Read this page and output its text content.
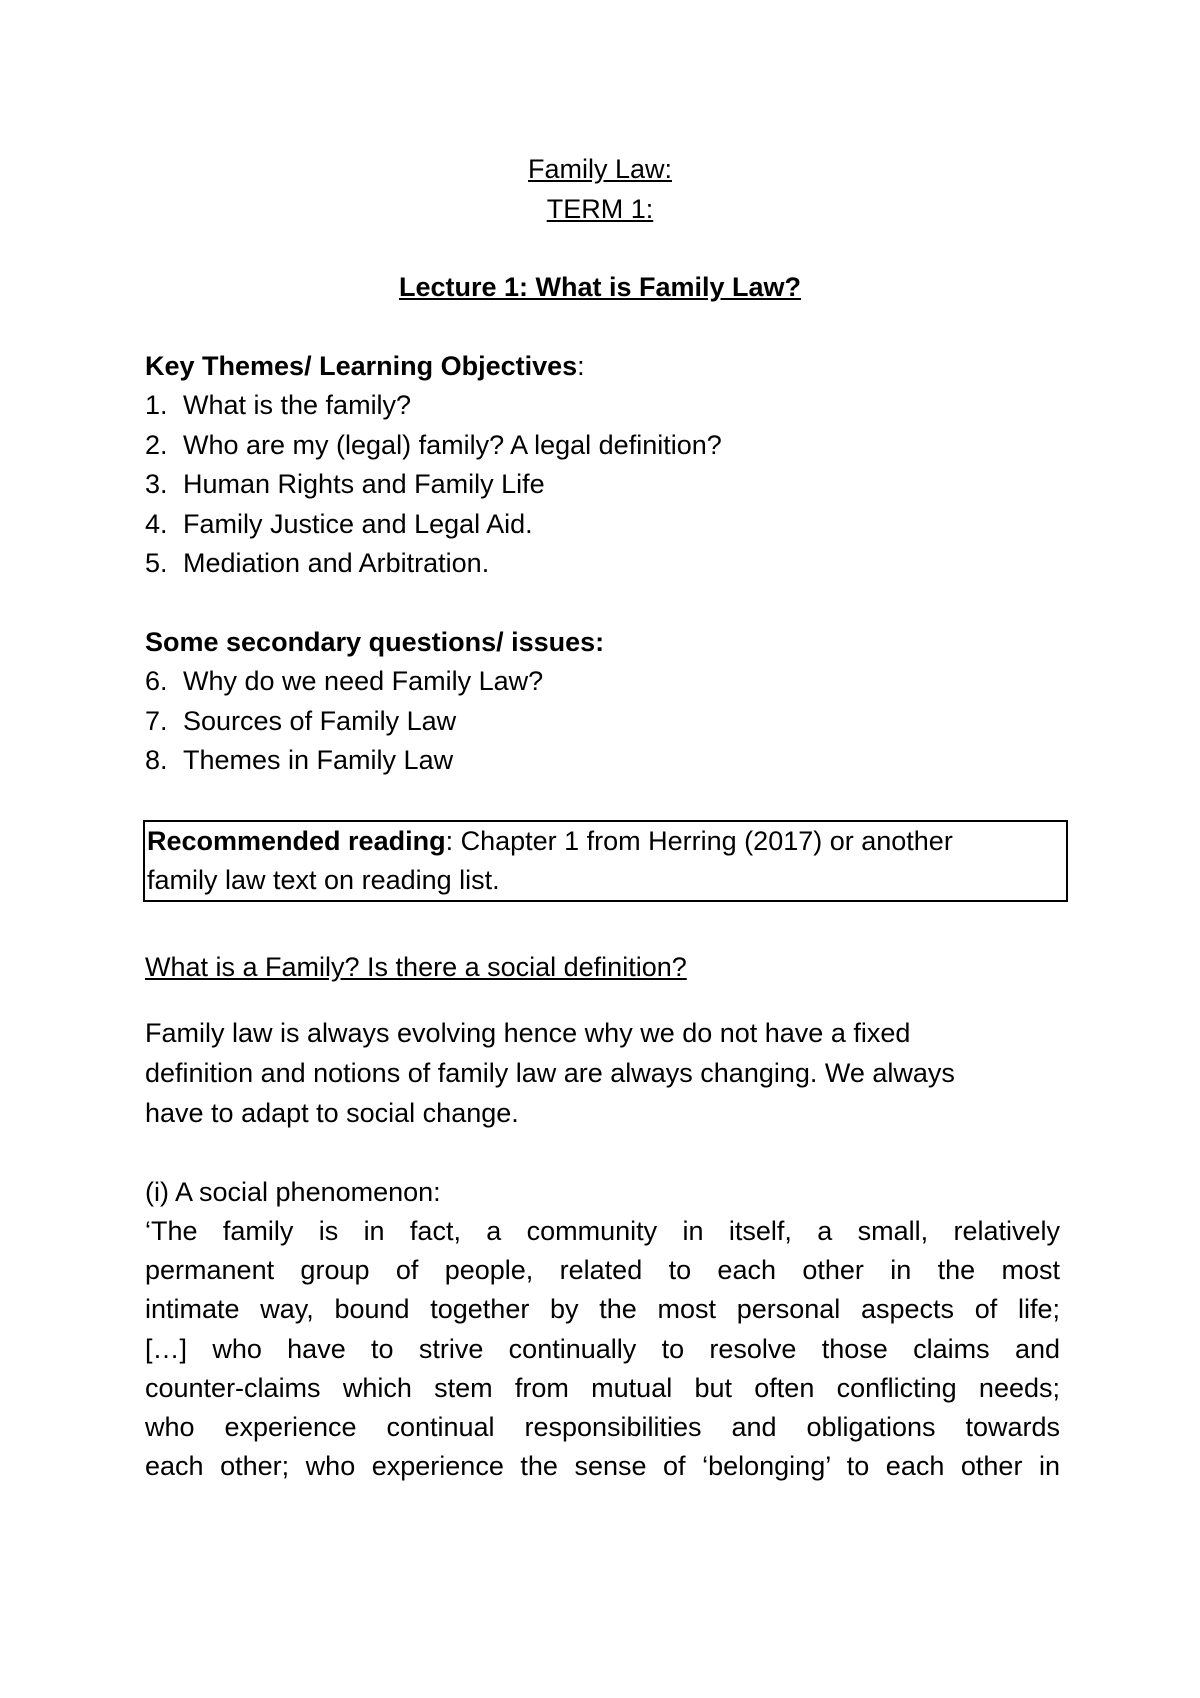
Family Law:
TERM 1:
Lecture 1: What is Family Law?
Key Themes/ Learning Objectives:
1. What is the family?
2. Who are my (legal) family? A legal definition?
3. Human Rights and Family Life
4. Family Justice and Legal Aid.
5. Mediation and Arbitration.
Some secondary questions/ issues:
6. Why do we need Family Law?
7. Sources of Family Law
8. Themes in Family Law
Recommended reading: Chapter 1 from Herring (2017) or another
family law text on reading list.
What is a Family? Is there a social definition?
Family law is always evolving hence why we do not have a fixed
definition and notions of family law are always changing. We always
have to adapt to social change.
(i) A social phenomenon:
‘The family is in fact, a community in itself, a small, relatively
permanent group of people, related to each other in the most
intimate way, bound together by the most personal aspects of life;
[…] who have to strive continually to resolve those claims and
counter-claims which stem from mutual but often conflicting needs;
who experience continual responsibilities and obligations towards
each other; who experience the sense of ‘belonging’ to each other in
